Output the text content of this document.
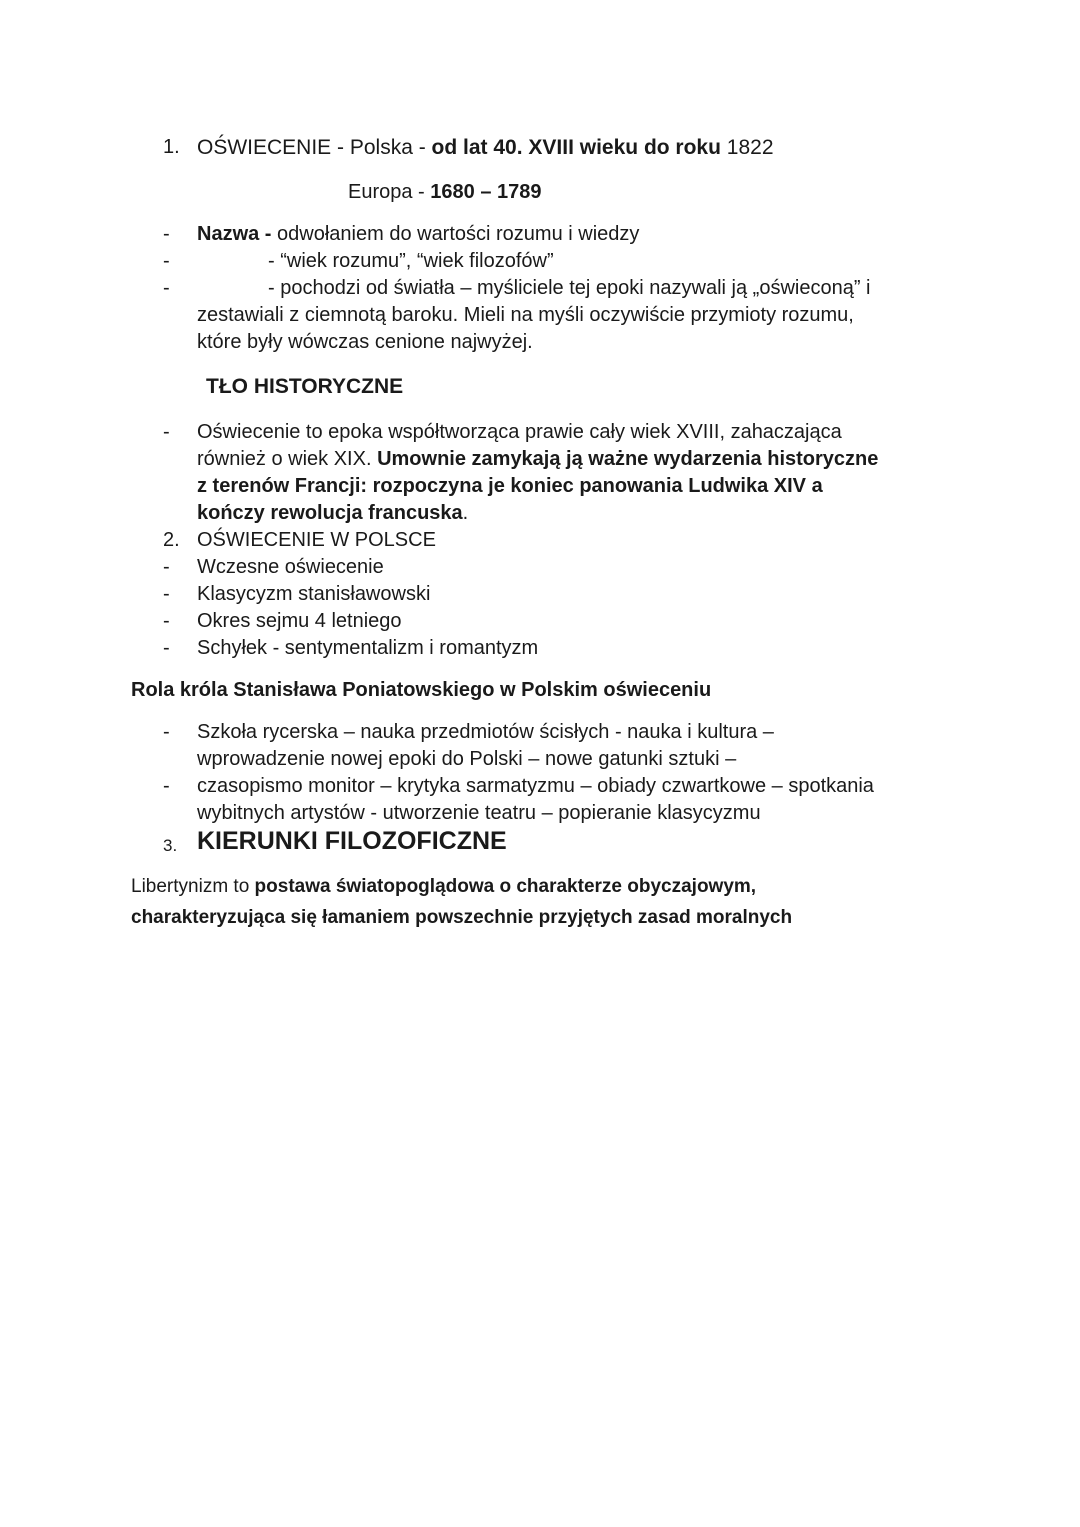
1. OŚWIECENIE - Polska - od lat 40. XVIII wieku do roku 1822
Europa - 1680 – 1789
- Nazwa - odwołaniem do wartości rozumu i wiedzy
-	- “wiek rozumu”, “wiek filozofów”
-	- pochodzi od światła – myśliciele tej epoki nazywali ją „oświeconą” i
zestawiali z ciemnotą baroku. Mieli na myśli oczywiście przymioty rozumu,
które były wówczas cenione najwyżej.
TŁO HISTORYCZNE
- Oświecenie to epoka współtworząca prawie cały wiek XVIII, zahaczająca
również o wiek XIX. Umownie zamykają ją ważne wydarzenia historyczne
z terenów Francji: rozpoczyna je koniec panowania Ludwika XIV a
kończy rewolucja francuska.
2. OŚWIECENIE W POLSCE
- Wczesne oświecenie
- Klasycyzm stanisławowski
- Okres sejmu 4 letniego
- Schyłek - sentymentalizm i romantyzm
Rola króla Stanisława Poniatowskiego w Polskim oświeceniu
- Szkoła rycerska – nauka przedmiotów ścisłych - nauka i kultura –
wprowadzenie nowej epoki do Polski – nowe gatunki sztuki –
- czasopismo monitor – krytyka sarmatyzmu – obiady czwartkowe – spotkania
wybitnych artystów - utworzenie teatru – popieranie klasycyzmu
3. KIERUNKI FILOZOFICZNE
Libertynizm to postawa światopoglądowa o charakterze obyczajowym,
charakteryzująca się łamaniem powszechnie przyjętych zasad moralnych
